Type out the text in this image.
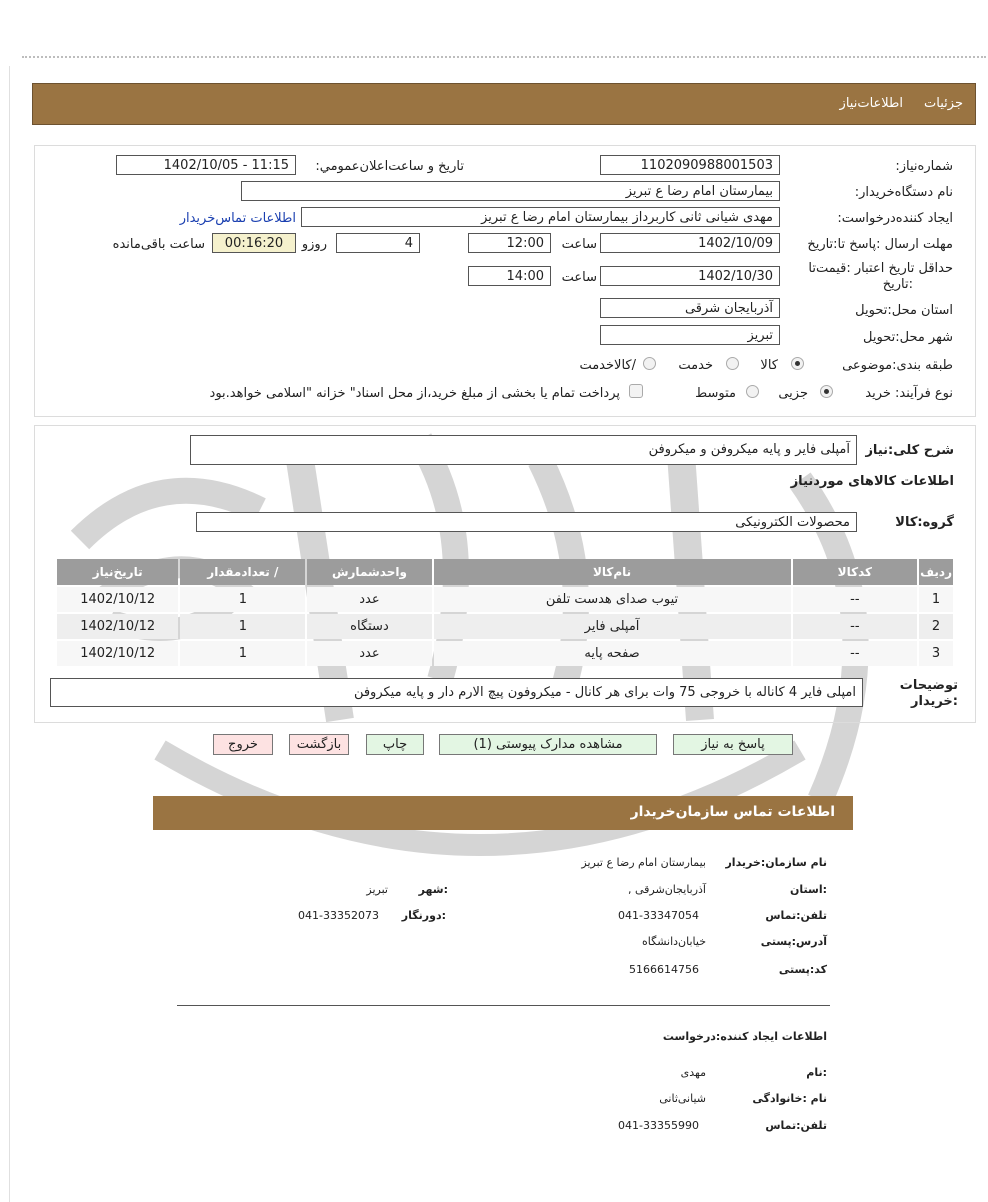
جزئیات
اطلاعات‌نیاز
شماره‌نیاز:
1102090988001503
تاریخ و ساعت‌اعلان‌عمومي:
1402/10/05 - 11:15
نام دستگاه‌خریدار:
بیمارستان امام رضا ع تبریز
ایجاد کننده‌درخواست:
مهدی شیانی ثانی کاربرداز بیمارستان امام رضا ع تبریز
اطلاعات تماس‌خریدار
مهلت ارسال :پاسخ تا:تاریخ
1402/10/09
ساعت
12:00
4
روزو
00:16:20
ساعت باقی‌مانده
حداقل تاریخ اعتبار :قیمت‌تا
:تاریخ
1402/10/30
ساعت
14:00
استان محل:تحویل
آذربایجان شرقی
شهر محل:تحویل
تبریز
طبقه بندی:موضوعی
کالا
خدمت
/کالاخدمت
نوع فرآیند: خرید
جزیی
متوسط
پرداخت تمام یا بخشی از مبلغ خرید،از محل اسناد" خزانه "اسلامی خواهد.بود
شرح کلی:نیاز
آمپلی فایر و پایه میکروفن و میکروفن
اطلاعات کالاهای موردنیاز
گروه:کالا
محصولات الکترونیکی
ردیف	کدکالا	نام‌کالا	واحدشمارش	/ تعدادمقدار	تاریخ‌نیاز
1	--	تیوب صدای هدست تلفن	عدد	1	1402/10/12
2	--	آمپلی فایر	دستگاه	1	1402/10/12
3	--	صفحه پایه	عدد	1	1402/10/12
توضیحات
:خریدار
امپلی فایر 4 کاناله با خروجی 75 وات برای هر کانال - میکروفون پیچ الارم دار و پایه میکروفن
پاسخ به نیاز
مشاهده مدارک پیوستی (1)
چاپ
بازگشت
خروج
اطلاعات تماس سازمان‌خریدار
نام سازمان:خریدار
بیمارستان امام رضا ع تبریز
:استان
آذربایجان‌شرقی ,
:شهر
تبریز
تلفن:تماس
041-33347054
:دورنگار
041-33352073
آدرس:پستی
خیابان‌دانشگاه
کد:پستی
5166614756
اطلاعات ایجاد کننده:درخواست
:نام
مهدی
نام :خانوادگی
شیانی‌ثانی
تلفن:تماس
041-33355990
